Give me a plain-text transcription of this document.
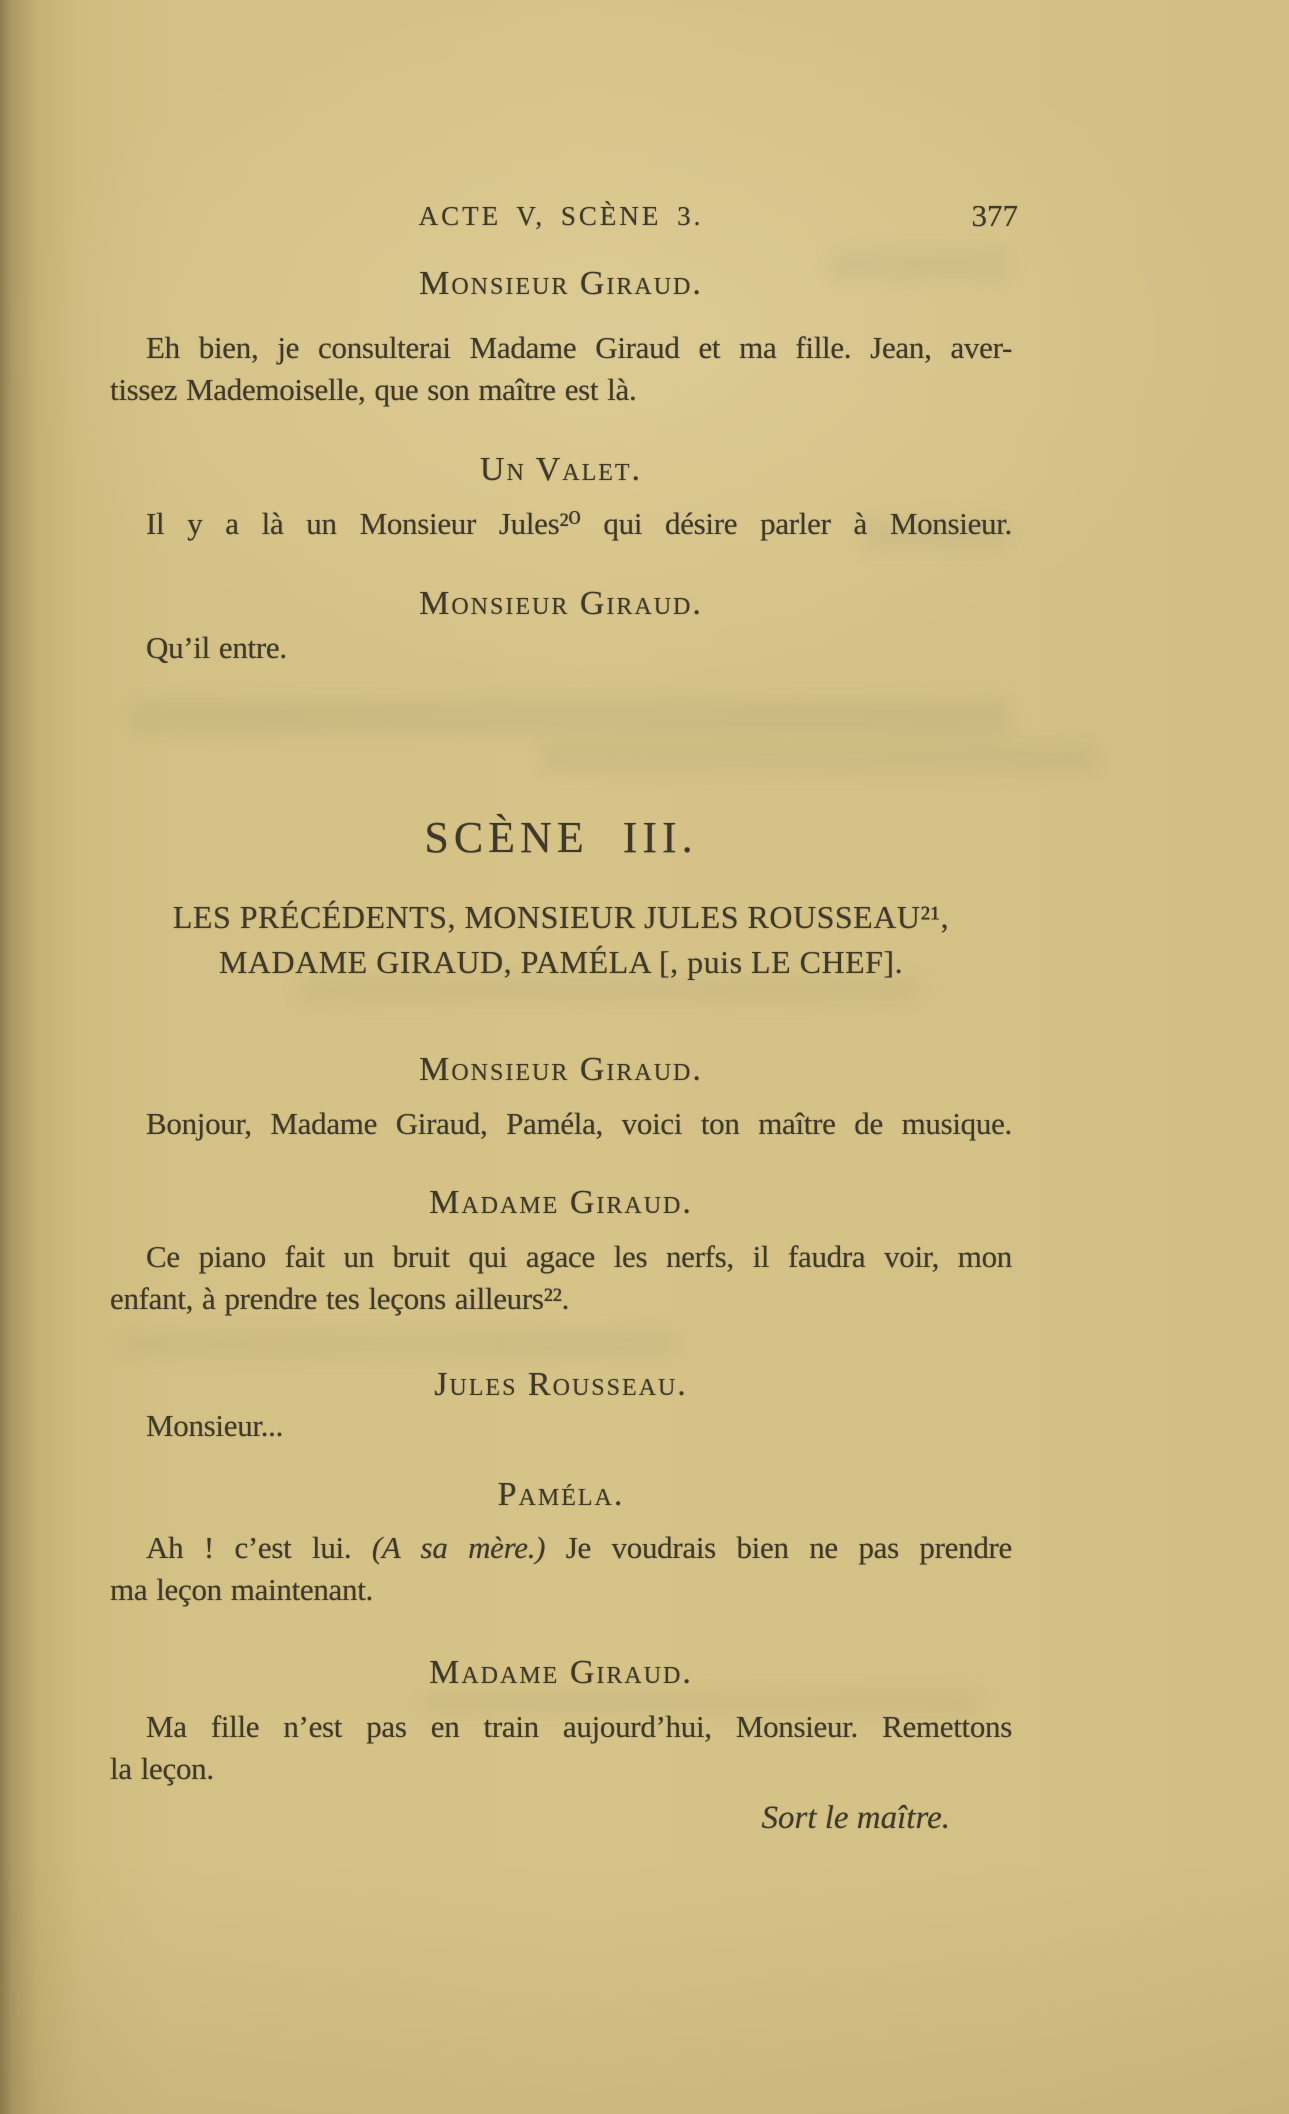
ACTE V, SCÈNE 3.	377
Monsieur Giraud.
Eh bien, je consulterai Madame Giraud et ma fille. Jean, aver-
tissez Mademoiselle, que son maître est là.
Un Valet.
Il y a là un Monsieur Jules²⁰ qui désire parler à Monsieur.
Monsieur Giraud.
Qu’il entre.
SCÈNE III.
LES PRÉCÉDENTS, MONSIEUR JULES ROUSSEAU²¹,
MADAME GIRAUD, PAMÉLA [, puis LE CHEF].
Monsieur Giraud.
Bonjour, Madame Giraud, Paméla, voici ton maître de musique.
Madame Giraud.
Ce piano fait un bruit qui agace les nerfs, il faudra voir, mon
enfant, à prendre tes leçons ailleurs²².
Jules Rousseau.
Monsieur...
Paméla.
Ah ! c’est lui. (A sa mère.) Je voudrais bien ne pas prendre
ma leçon maintenant.
Madame Giraud.
Ma fille n’est pas en train aujourd’hui, Monsieur. Remettons
la leçon.
Sort le maître.
